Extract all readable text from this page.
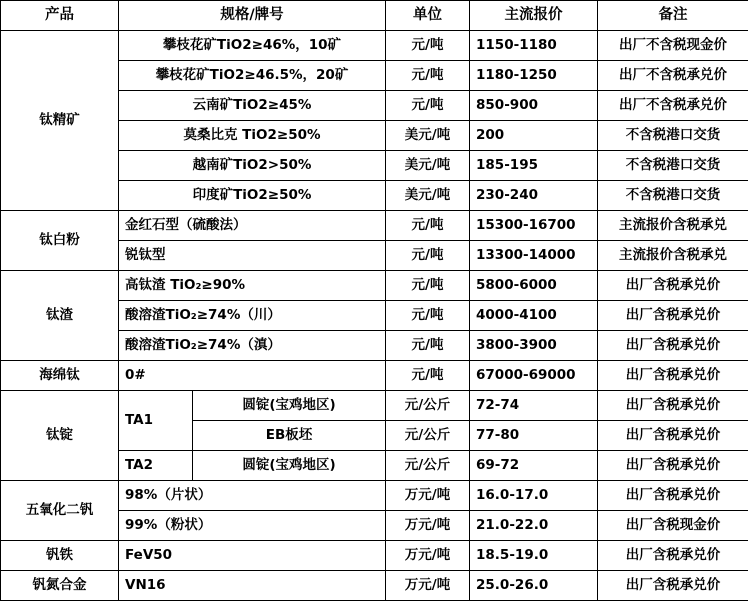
产品	规格/牌号		单位	主流报价	备注
钛精矿	攀枝花矿TiO2≥46%，10矿		元/吨	1150-1180	出厂不含税现金价
	攀枝花矿TiO2≥46.5%，20矿		元/吨	1180-1250	出厂不含税承兑价
	云南矿TiO2≥45%		元/吨	850-900	出厂不含税承兑价
	莫桑比克 TiO2≥50%		美元/吨	200	不含税港口交货
	越南矿TiO2>50%		美元/吨	185-195	不含税港口交货
	印度矿TiO2≥50%		美元/吨	230-240	不含税港口交货
钛白粉	金红石型（硫酸法）		元/吨	15300-16700	主流报价含税承兑
	锐钛型		元/吨	13300-14000	主流报价含税承兑
钛渣	高钛渣 TiO₂≥90%		元/吨	5800-6000	出厂含税承兑价
	酸溶渣TiO₂≥74%（川）		元/吨	4000-4100	出厂含税承兑价
	酸溶渣TiO₂≥74%（滇）		元/吨	3800-3900	出厂含税承兑价
海绵钛	0#		元/吨	67000-69000	出厂含税承兑价
钛锭	TA1	圆锭(宝鸡地区)	元/公斤	72-74	出厂含税承兑价
		EB板坯	元/公斤	77-80	出厂含税承兑价
	TA2	圆锭(宝鸡地区)	元/公斤	69-72	出厂含税承兑价
五氧化二钒	98%（片状）		万元/吨	16.0-17.0	出厂含税承兑价
	99%（粉状）		万元/吨	21.0-22.0	出厂含税现金价
钒铁	FeV50		万元/吨	18.5-19.0	出厂含税承兑价
钒氮合金	VN16		万元/吨	25.0-26.0	出厂含税承兑价
